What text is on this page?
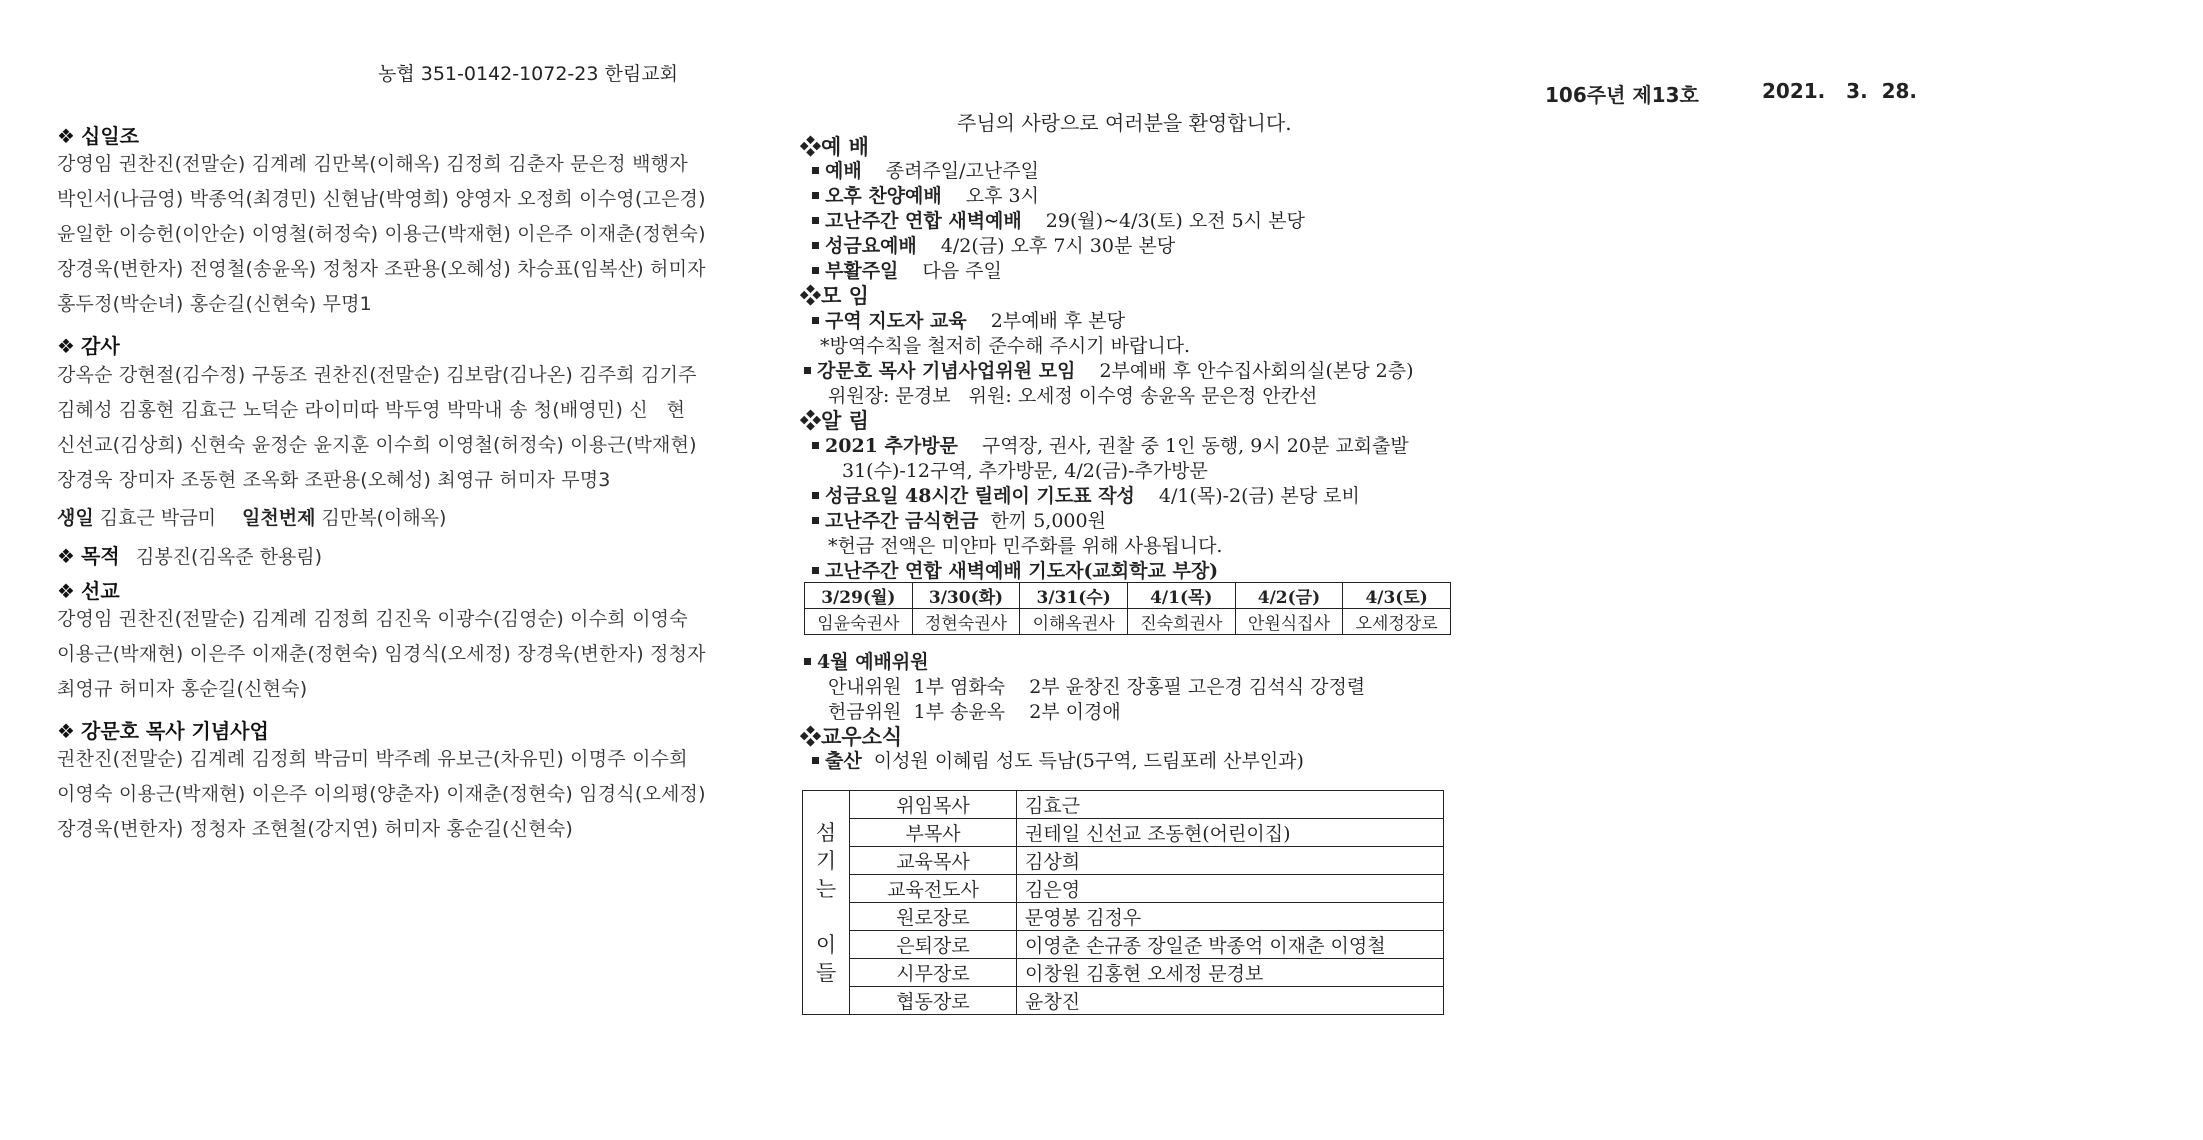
농협 351-0142-1072-23 한림교회
106주년 제13호	2021.   3.  28.
❖ 십일조
강영임 권찬진(전말순) 김계례 김만복(이해옥) 김정희 김춘자 문은정 백행자
박인서(나금영) 박종억(최경민) 신현남(박영희) 양영자 오정희 이수영(고은경)
윤일한 이승헌(이안순) 이영철(허정숙) 이용근(박재현) 이은주 이재춘(정현숙)
장경욱(변한자) 전영철(송윤옥) 정청자 조판용(오혜성) 차승표(임복산) 허미자
홍두정(박순녀) 홍순길(신현숙) 무명1
❖ 감사
강옥순 강현절(김수정) 구동조 권찬진(전말순) 김보람(김나온) 김주희 김기주
김혜성 김홍현 김효근 노덕순 라이미따 박두영 박막내 송 청(배영민) 신   현
신선교(김상희) 신현숙 윤정순 윤지훈 이수희 이영철(허정숙) 이용근(박재현)
장경욱 장미자 조동현 조옥화 조판용(오혜성) 최영규 허미자 무명3
생일 김효근 박금미 일천번제 김만복(이해옥)
❖ 목적 김봉진(김옥준 한용림)
❖ 선교
강영임 권찬진(전말순) 김계례 김정희 김진욱 이광수(김영순) 이수희 이영숙
이용근(박재현) 이은주 이재춘(정현숙) 임경식(오세정) 장경욱(변한자) 정청자
최영규 허미자 홍순길(신현숙)
❖ 강문호 목사 기념사업
권찬진(전말순) 김계례 김정희 박금미 박주례 유보근(차유민) 이명주 이수희
이영숙 이용근(박재현) 이은주 이의평(양춘자) 이재춘(정현숙) 임경식(오세정)
장경욱(변한자) 정청자 조현철(강지연) 허미자 홍순길(신현숙)
주님의 사랑으로 여러분을 환영합니다.
❖예 배
예배 종려주일/고난주일
오후 찬양예배 오후 3시
고난주간 연합 새벽예배 29(월)~4/3(토) 오전 5시 본당
성금요예배 4/2(금) 오후 7시 30분 본당
부활주일 다음 주일
❖모 임
구역 지도자 교육 2부예배 후 본당
*방역수칙을 철저히 준수해 주시기 바랍니다.
강문호 목사 기념사업위원 모임 2부예배 후 안수집사회의실(본당 2층)
위원장: 문경보   위원: 오세정 이수영 송윤옥 문은정 안칸선
❖알 림
2021 추가방문 구역장, 권사, 권찰 중 1인 동행, 9시 20분 교회출발
31(수)-12구역, 추가방문, 4/2(금)-추가방문
성금요일 48시간 릴레이 기도표 작성 4/1(목)-2(금) 본당 로비
고난주간 금식헌금 한끼 5,000원
*헌금 전액은 미얀마 민주화를 위해 사용됩니다.
고난주간 연합 새벽예배 기도자(교회학교 부장)
3/29(월)	3/30(화)	3/31(수)	4/1(목)	4/2(금)	4/3(토)
임윤숙권사	정현숙권사	이해옥권사	진숙희권사	안원식집사	오세정장로
4월 예배위원
안내위원  1부 염화숙    2부 윤창진 장홍필 고은경 김석식 강정렬
헌금위원  1부 송윤옥    2부 이경애
❖교우소식
출산 이성원 이혜림 성도 득남(5구역, 드림포레 산부인과)
섬
기
는
이
들	위임목사	김효근
	부목사	권테일 신선교 조동현(어린이집)
	교육목사	김상희
	교육전도사	김은영
	원로장로	문영봉 김정우
	은퇴장로	이영춘 손규종 장일준 박종억 이재춘 이영철
	시무장로	이창원 김홍현 오세정 문경보
	협동장로	윤창진
